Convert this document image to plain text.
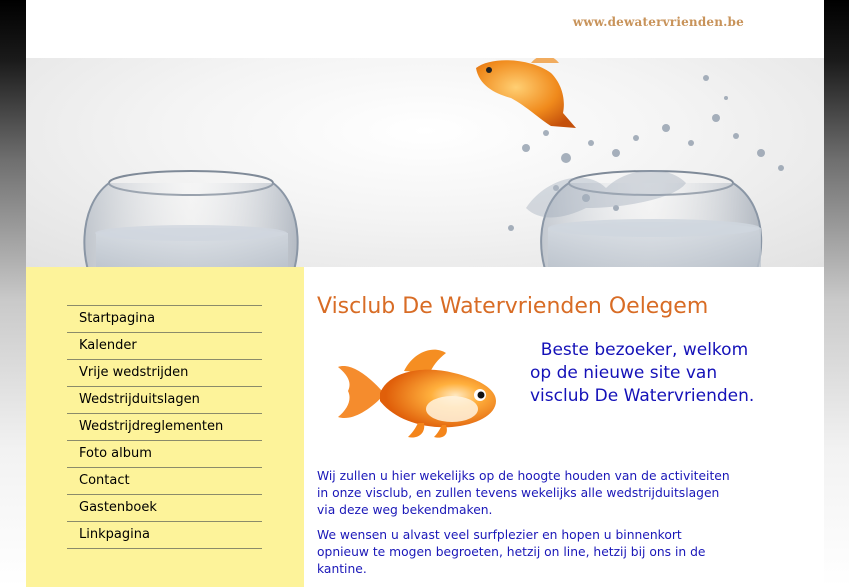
www.dewatervrienden.be
Startpagina
Kalender
Vrije wedstrijden
Wedstrijduitslagen
Wedstrijdreglementen
Foto album
Contact
Gastenboek
Linkpagina
Visclub De Watervrienden Oelegem
Beste bezoeker, welkom op de nieuwe site van visclub De Watervrienden.

Wij zullen u hier wekelijks op de hoogte houden van de activiteiten in onze visclub, en zullen tevens wekelijks alle wedstrijduitslagen via deze weg bekendmaken.

We wensen u alvast veel surfplezier en hopen u binnenkort opnieuw te mogen begroeten, hetzij on line, hetzij bij ons in de kantine.
